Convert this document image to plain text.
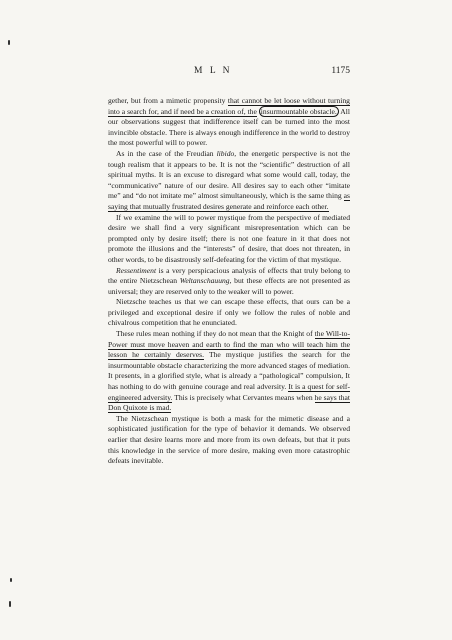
M L N	1175

gether, but from a mimetic propensity that cannot be let loose without turning into a search for, and if need be a creation of, the insurmountable obstacle. All our observations suggest that indifference itself can be turned into the most invincible obstacle. There is always enough indifference in the world to destroy the most powerful will to power.

As in the case of the Freudian libido, the energetic perspective is not the tough realism that it appears to be. It is not the “scientific” destruction of all spiritual myths. It is an excuse to disregard what some would call, today, the “communicative” nature of our desire. All desires say to each other “imitate me” and “do not imitate me” almost simultaneously, which is the same thing as saying that mutually frustrated desires generate and reinforce each other.

If we examine the will to power mystique from the perspective of mediated desire we shall find a very significant misrepresentation which can be prompted only by desire itself; there is not one feature in it that does not promote the illusions and the “interests” of desire, that does not threaten, in other words, to be disastrously self-defeating for the victim of that mystique.

Ressentiment is a very perspicacious analysis of effects that truly belong to the entire Nietzschean Weltanschauung, but these effects are not presented as universal; they are reserved only to the weaker will to power.

Nietzsche teaches us that we can escape these effects, that ours can be a privileged and exceptional desire if only we follow the rules of noble and chivalrous competition that he enunciated.

These rules mean nothing if they do not mean that the Knight of the Will-to-Power must move heaven and earth to find the man who will teach him the lesson he certainly deserves. The mystique justifies the search for the insurmountable obstacle characterizing the more advanced stages of mediation. It presents, in a glorified style, what is already a “pathological” compulsion, It has nothing to do with genuine courage and real adversity. It is a quest for self-engineered adversity. This is precisely what Cervantes means when he says that Don Quixote is mad.

The Nietzschean mystique is both a mask for the mimetic disease and a sophisticated justification for the type of behavior it demands. We observed earlier that desire learns more and more from its own defeats, but that it puts this knowledge in the service of more desire, making even more catastrophic defeats inevitable.
